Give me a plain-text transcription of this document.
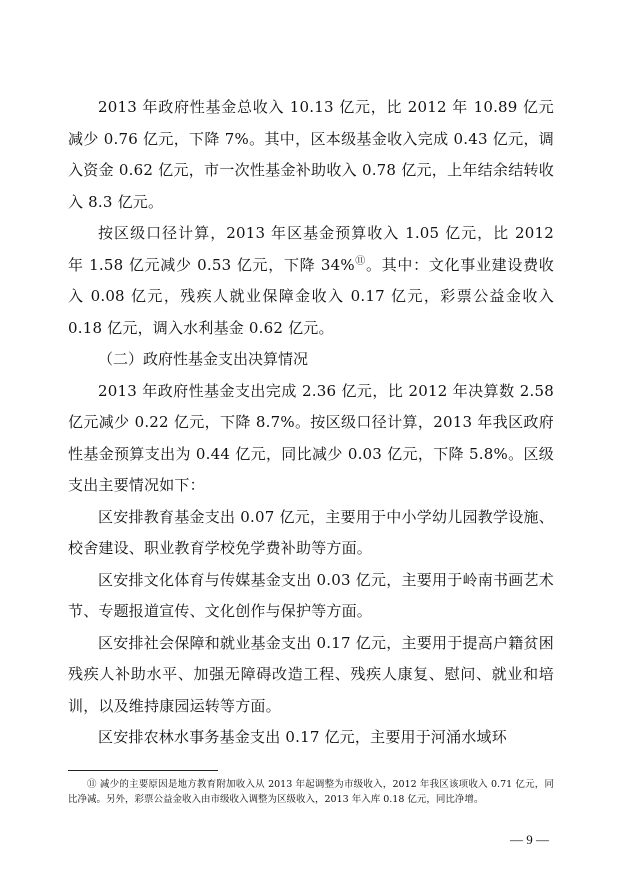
2013 年政府性基金总收入 10.13 亿元，比 2012 年 10.89 亿元减少 0.76 亿元，下降 7%。其中，区本级基金收入完成 0.43 亿元，调入资金 0.62 亿元，市一次性基金补助收入 0.78 亿元，上年结余结转收入 8.3 亿元。

按区级口径计算，2013 年区基金预算收入 1.05 亿元，比 2012 年 1.58 亿元减少 0.53 亿元，下降 34%⑪。其中：文化事业建设费收入 0.08 亿元，残疾人就业保障金收入 0.17 亿元，彩票公益金收入 0.18 亿元，调入水利基金 0.62 亿元。

（二）政府性基金支出决算情况

2013 年政府性基金支出完成 2.36 亿元，比 2012 年决算数 2.58 亿元减少 0.22 亿元，下降 8.7%。按区级口径计算，2013 年我区政府性基金预算支出为 0.44 亿元，同比减少 0.03 亿元，下降 5.8%。区级支出主要情况如下：

区安排教育基金支出 0.07 亿元，主要用于中小学幼儿园教学设施、校舍建设、职业教育学校免学费补助等方面。

区安排文化体育与传媒基金支出 0.03 亿元，主要用于岭南书画艺术节、专题报道宣传、文化创作与保护等方面。

区安排社会保障和就业基金支出 0.17 亿元，主要用于提高户籍贫困残疾人补助水平、加强无障碍改造工程、残疾人康复、慰问、就业和培训，以及维持康园运转等方面。

区安排农林水事务基金支出 0.17 亿元，主要用于河涌水域环

⑪ 减少的主要原因是地方教育附加收入从 2013 年起调整为市级收入，2012 年我区该项收入 0.71 亿元，同比净减。另外，彩票公益金收入由市级收入调整为区级收入，2013 年入库 0.18 亿元，同比净增。

— 9 —
